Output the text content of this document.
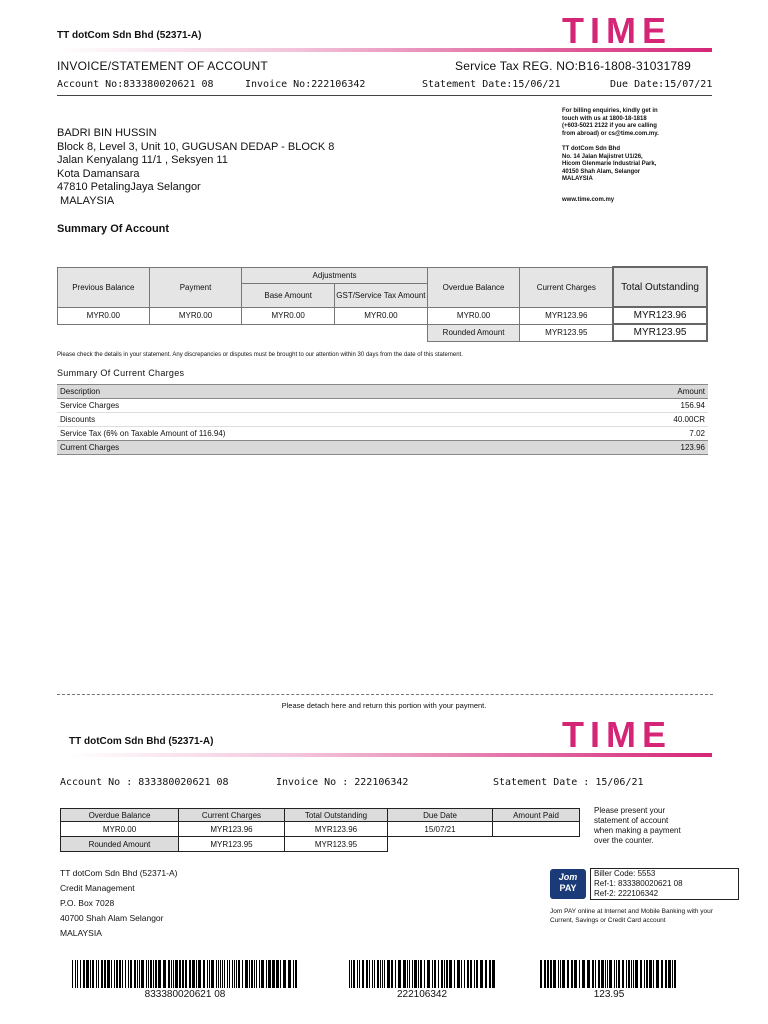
TT dotCom Sdn Bhd (52371-A)	TIME
INVOICE/STATEMENT OF ACCOUNT	Service Tax REG. NO:B16-1808-31031789
Account No:833380020621 08	Invoice No:222106342	Statement Date:15/06/21	Due Date:15/07/21
BADRI BIN HUSSIN
Block 8, Level 3, Unit 10, GUGUSAN DEDAP - BLOCK 8
Jalan Kenyalang 11/1 , Seksyen 11
Kota Damansara
47810 PetalingJaya Selangor
MALAYSIA
For billing enquiries, kindly get in
touch with us at 1800-18-1818
(+603-5021 2122 if you are calling
from abroad) or cs@time.com.my.
TT dotCom Sdn Bhd
No. 14 Jalan Majistret U1/26,
Hicom Glenmarie Industrial Park,
40150 Shah Alam, Selangor
MALAYSIA
www.time.com.my
Summary Of Account
Previous Balance	Payment	Adjustments		Overdue Balance	Current Charges	Total Outstanding
		Base Amount	GST/Service Tax Amount			
MYR0.00	MYR0.00	MYR0.00	MYR0.00	MYR0.00	MYR123.96	MYR123.96
				Rounded Amount	MYR123.95	MYR123.95
Please check the details in your statement. Any discrepancies or disputes must be brought to our attention within 30 days from the date of this statement.
Summary Of Current Charges
Description	Amount
Service Charges	156.94
Discounts	40.00CR
Service Tax (6% on Taxable Amount of 116.94)	7.02
Current Charges	123.96
Please detach here and return this portion with your payment.
TT dotCom Sdn Bhd (52371-A)	TIME
Account No : 833380020621 08	Invoice No : 222106342	Statement Date : 15/06/21
Overdue Balance	Current Charges	Total Outstanding	Due Date	Amount Paid
MYR0.00	MYR123.96	MYR123.96	15/07/21	
Rounded Amount	MYR123.95	MYR123.95		
Please present your
statement of account
when making a payment
over the counter.
TT dotCom Sdn Bhd (52371-A)
Credit Management
P.O. Box 7028
40700 Shah Alam Selangor
MALAYSIA
Jom
PAY
Biller Code: 5553
Ref-1: 833380020621 08
Ref-2: 222106342
Jom PAY online at Internet and Mobile Banking with your
Current, Savings or Credit Card account
833380020621 08	222106342	123.95
